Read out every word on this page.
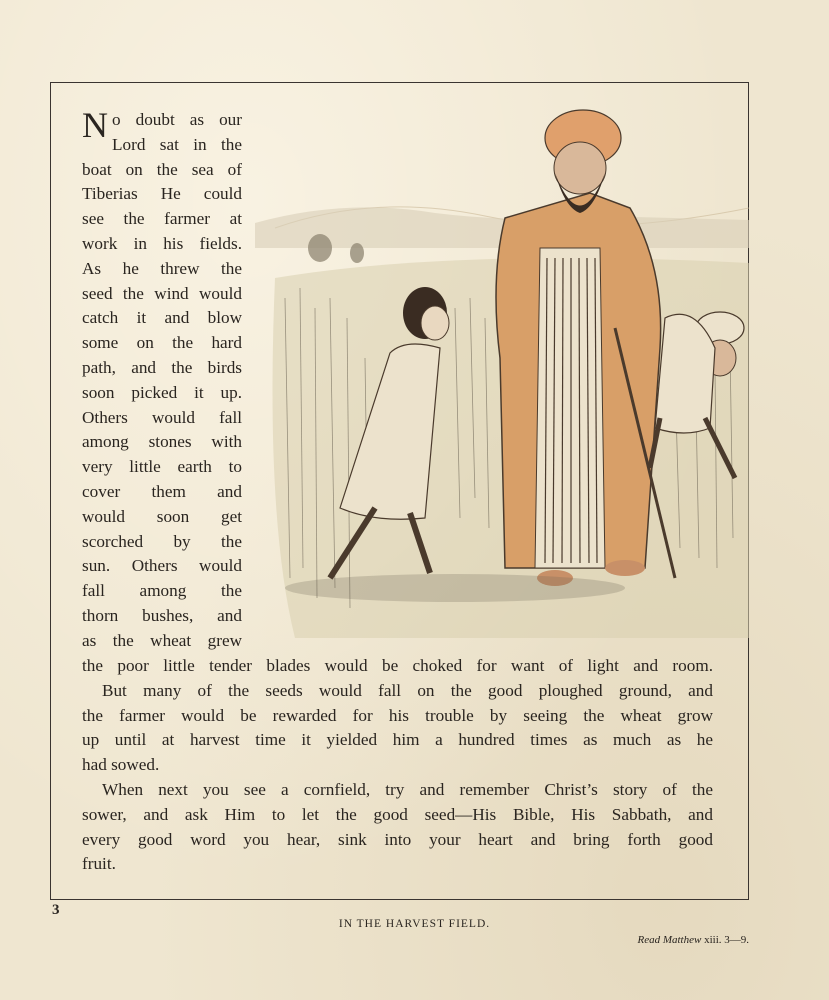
N o doubt as our
Lord sat in the
boat on the sea of
Tiberias He could
see the farmer at
work in his fields.
As he threw the
seed the wind would
catch it and blow
some on the hard
path, and the birds
soon picked it up.
Others would fall
among stones with
very little earth to
cover them and
would soon get
scorched by the
sun. Others would
fall among the
thorn bushes, and
as the wheat grew
the poor little tender blades would be choked for want of light and room.
But many of the seeds would fall on the good ploughed ground, and
the farmer would be rewarded for his trouble by seeing the wheat grow
up until at harvest time it yielded him a hundred times as much as he
had sowed.
When next you see a cornfield, try and remember Christ’s story of the
sower, and ask Him to let the good seed—His Bible, His Sabbath, and
every good word you hear, sink into your heart and bring forth good
fruit.
3
IN THE HARVEST FIELD.
Read Matthew xiii. 3—9.
